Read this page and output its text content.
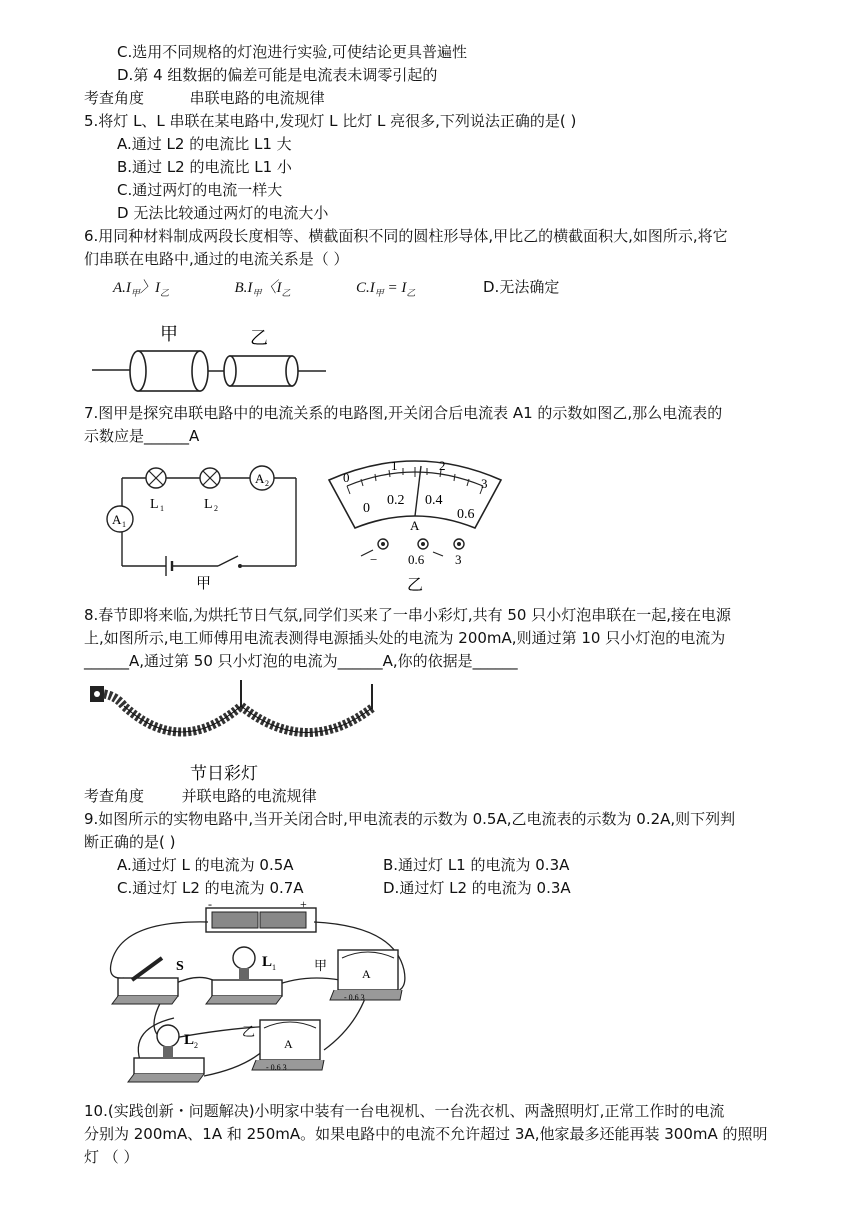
C.选用不同规格的灯泡进行实验,可使结论更具普遍性
D.第 4 组数据的偏差可能是电流表未调零引起的
考查角度	串联电路的电流规律
5.将灯 L、L 串联在某电路中,发现灯 L 比灯 L 亮很多,下列说法正确的是( )
A.通过 L2 的电流比 L1 大
B.通过 L2 的电流比 L1 小
C.通过两灯的电流一样大
D 无法比较通过两灯的电流大小
6.用同种材料制成两段长度相等、横截面积不同的圆柱形导体,甲比乙的横截面积大,如图所示,将它
们串联在电路中,通过的电流关系是（ ）
$A.I_甲$〉$I_乙$	$B.I_甲$〈$I_乙$	$C.I_甲 = I_乙$	D.无法确定
甲	乙
7.图甲是探究串联电路中的电流关系的电路图,开关闭合后电流表 A1 的示数如图乙,那么电流表的
示数应是______A
L 1	L 2
A 2
A 1
甲
0
1	2
3
0
0.2 0.4
0.6
A
− 0.6 3
乙
8.春节即将来临,为烘托节日气氛,同学们买来了一串小彩灯,共有 50 只小灯泡串联在一起,接在电源
上,如图所示,电工师傅用电流表测得电源插头处的电流为 200mA,则通过第 10 只小灯泡的电流为
______A,通过第 50 只小灯泡的电流为______A,你的依据是______
节日彩灯
考查角度	并联电路的电流规律
9.如图所示的实物电路中,当开关闭合时,甲电流表的示数为 0.5A,乙电流表的示数为 0.2A,则下列判
断正确的是( )
A.通过灯 L 的电流为 0.5A	B.通过灯 L1 的电流为 0.3A
C.通过灯 L2 的电流为 0.7A	D.通过灯 L2 的电流为 0.3A
-	+
S	L 1	甲
A
- 0.6 3
乙
A
- 0.6 3
L 2
10.(实践创新・问题解决)小明家中装有一台电视机、一台洗衣机、两盏照明灯,正常工作时的电流
分别为 200mA、1A 和 250mA。如果电路中的电流不允许超过 3A,他家最多还能再装 300mA 的照明
灯 （ ）
